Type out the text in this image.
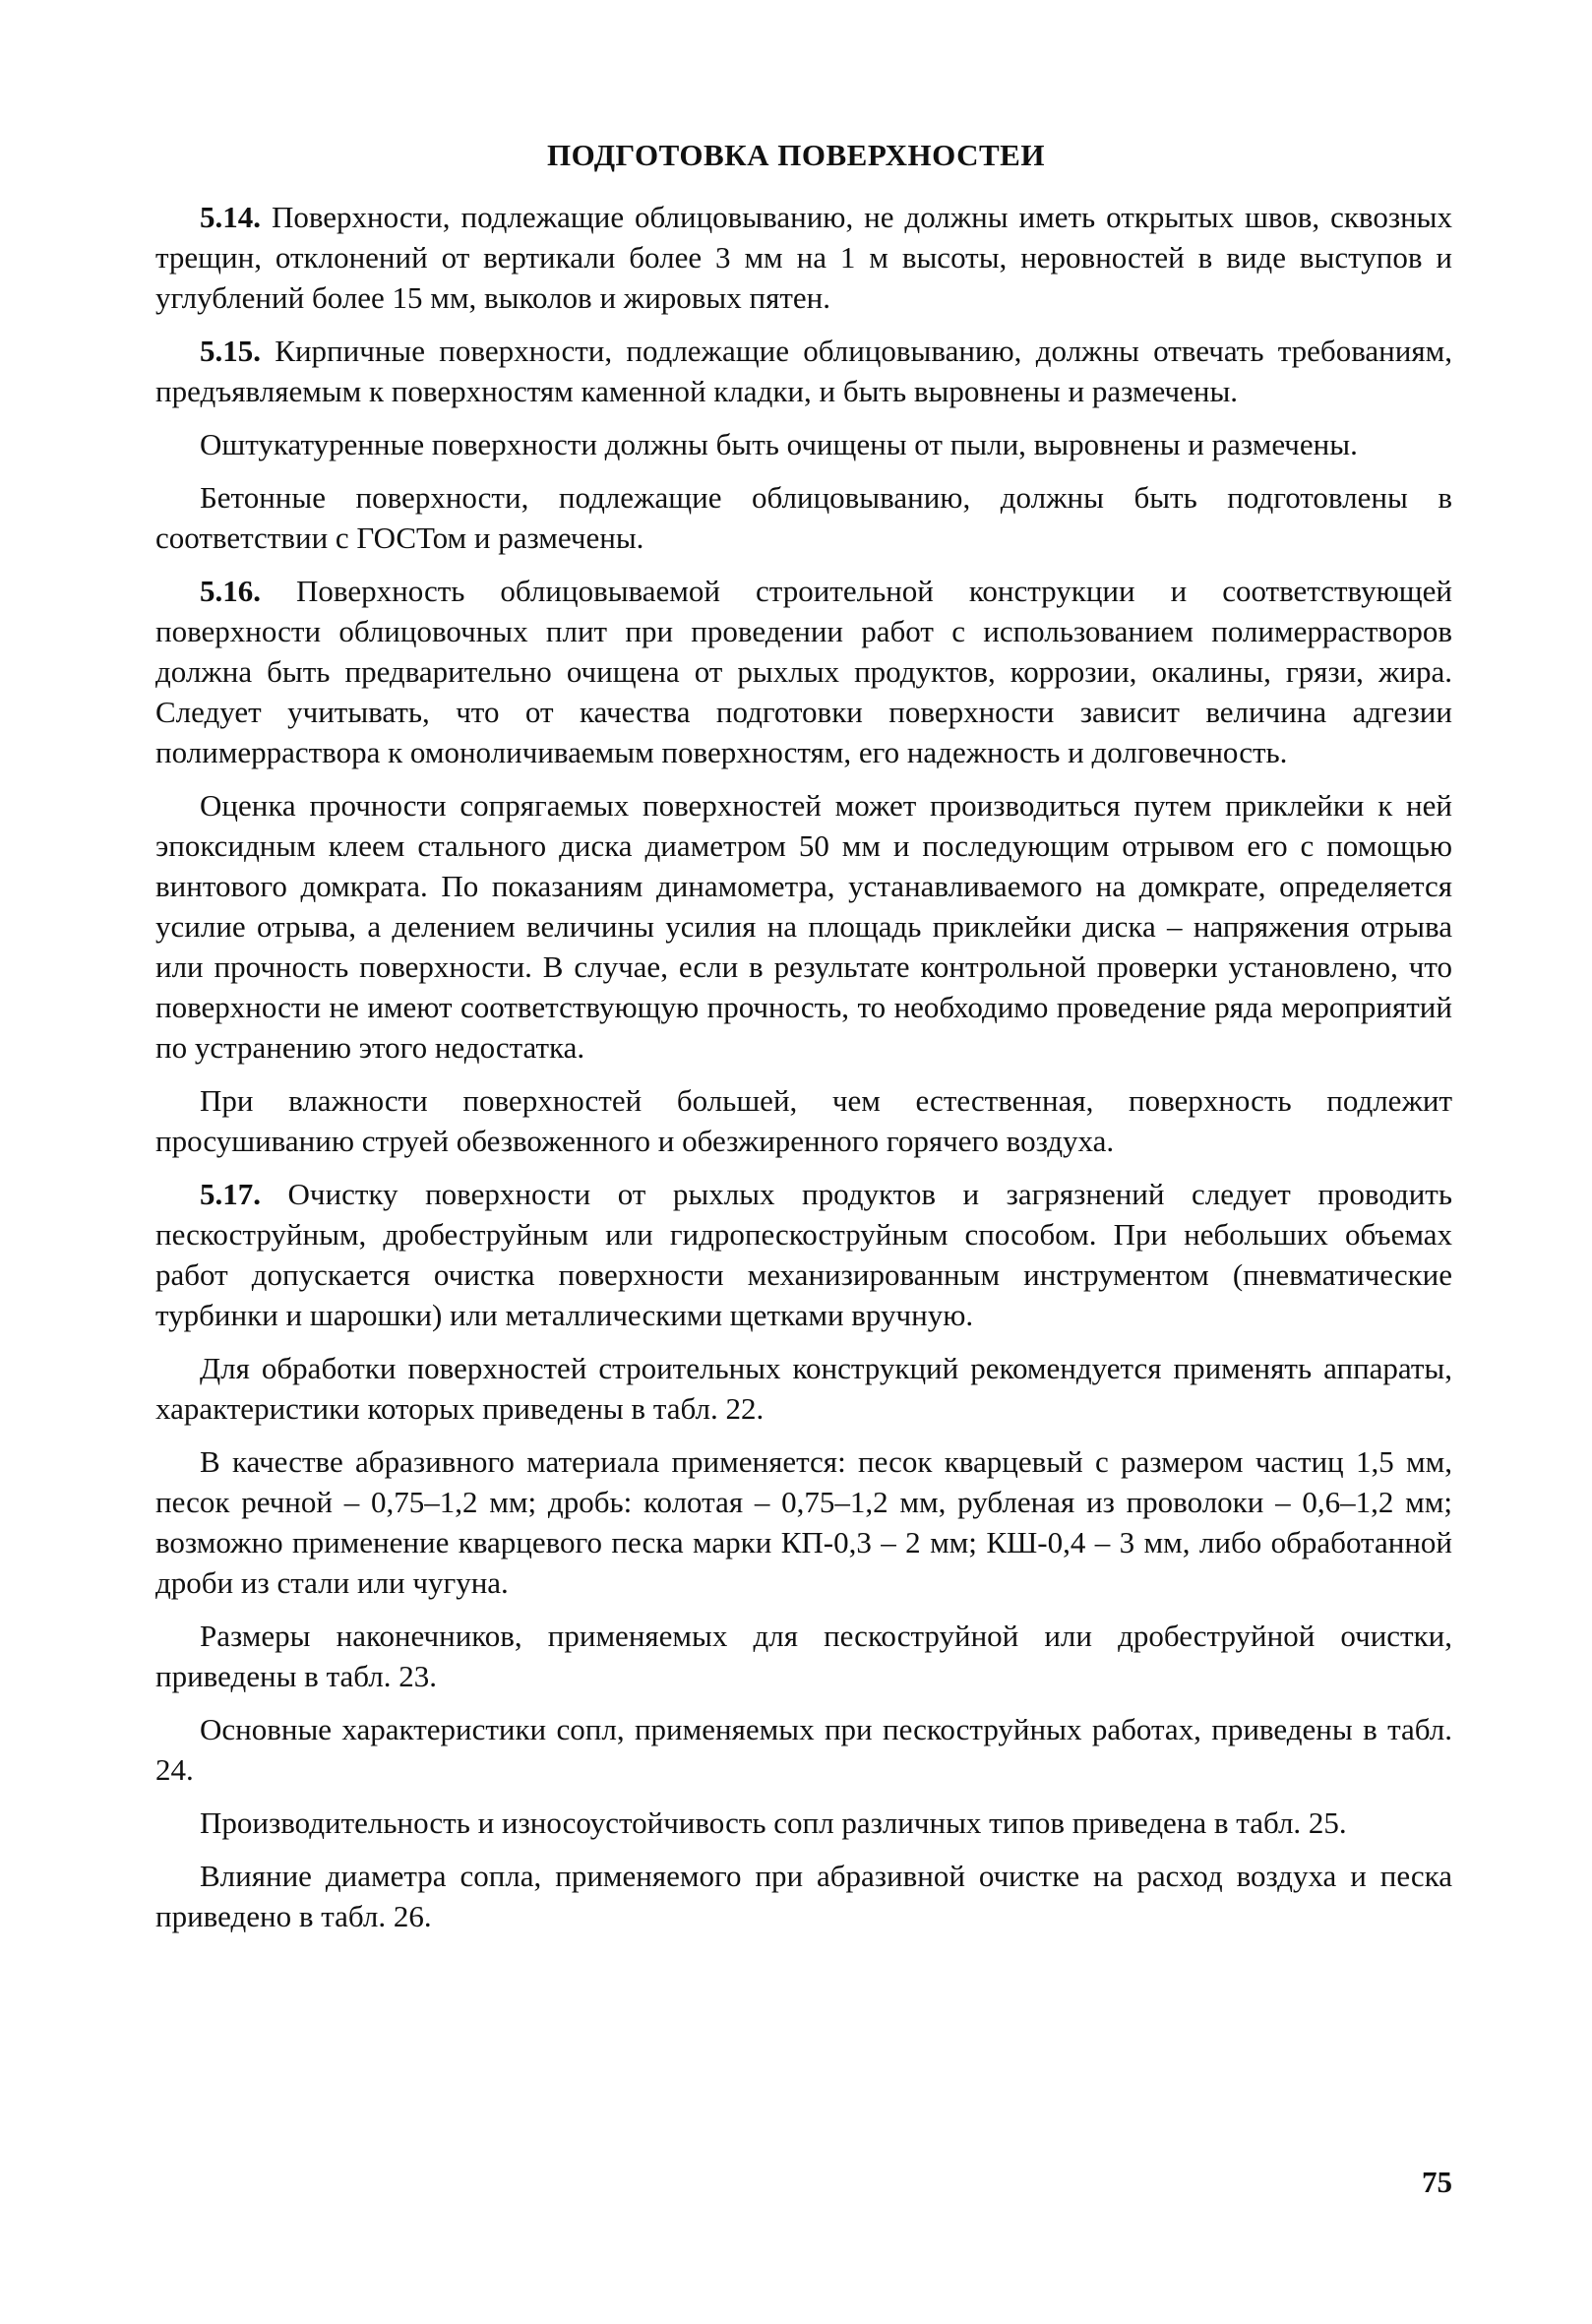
ПОДГОТОВКА ПОВЕРХНОСТЕИ

5.14. Поверхности, подлежащие облицовыванию, не должны иметь открытых швов, сквозных трещин, отклонений от вертикали более 3 мм на 1 м высоты, неровностей в виде выступов и углублений более 15 мм, выколов и жировых пятен.

5.15. Кирпичные поверхности, подлежащие облицовыванию, должны отвечать требованиям, предъявляемым к поверхностям каменной кладки, и быть выровнены и размечены.

Оштукатуренные поверхности должны быть очищены от пыли, выровнены и размечены.

Бетонные поверхности, подлежащие облицовыванию, должны быть подготовлены в соответствии с ГОСТом и размечены.

5.16. Поверхность облицовываемой строительной конструкции и соответствующей поверхности облицовочных плит при проведении работ с использованием полимеррастворов должна быть предварительно очищена от рыхлых продуктов, коррозии, окалины, грязи, жира. Следует учитывать, что от качества подготовки поверхности зависит величина адгезии полимерраствора к омоноличиваемым поверхностям, его надежность и долговечность.

Оценка прочности сопрягаемых поверхностей может производиться путем приклейки к ней эпоксидным клеем стального диска диаметром 50 мм и последующим отрывом его с помощью винтового домкрата. По показаниям динамометра, устанавливаемого на домкрате, определяется усилие отрыва, а делением величины усилия на площадь приклейки диска – напряжения отрыва или прочность поверхности. В случае, если в результате контрольной проверки установлено, что поверхности не имеют соответствующую прочность, то необходимо проведение ряда мероприятий по устранению этого недостатка.

При влажности поверхностей большей, чем естественная, поверхность подлежит просушиванию струей обезвоженного и обезжиренного горячего воздуха.

5.17. Очистку поверхности от рыхлых продуктов и загрязнений следует проводить пескоструйным, дробеструйным или гидропескоструйным способом. При небольших объемах работ допускается очистка поверхности механизированным инструментом (пневматические турбинки и шарошки) или металлическими щетками вручную.

Для обработки поверхностей строительных конструкций рекомендуется применять аппараты, характеристики которых приведены в табл. 22.

В качестве абразивного материала применяется: песок кварцевый с размером частиц 1,5 мм, песок речной – 0,75–1,2 мм; дробь: колотая – 0,75–1,2 мм, рубленая из проволоки – 0,6–1,2 мм; возможно применение кварцевого песка марки КП-0,3 – 2 мм; КШ-0,4 – 3 мм, либо обработанной дроби из стали или чугуна.

Размеры наконечников, применяемых для пескоструйной или дробеструйной очистки, приведены в табл. 23.

Основные характеристики сопл, применяемых при пескоструйных работах, приведены в табл. 24.

Производительность и износоустойчивость сопл различных типов приведена в табл. 25.

Влияние диаметра сопла, применяемого при абразивной очистке на расход воздуха и песка приведено в табл. 26.

75
